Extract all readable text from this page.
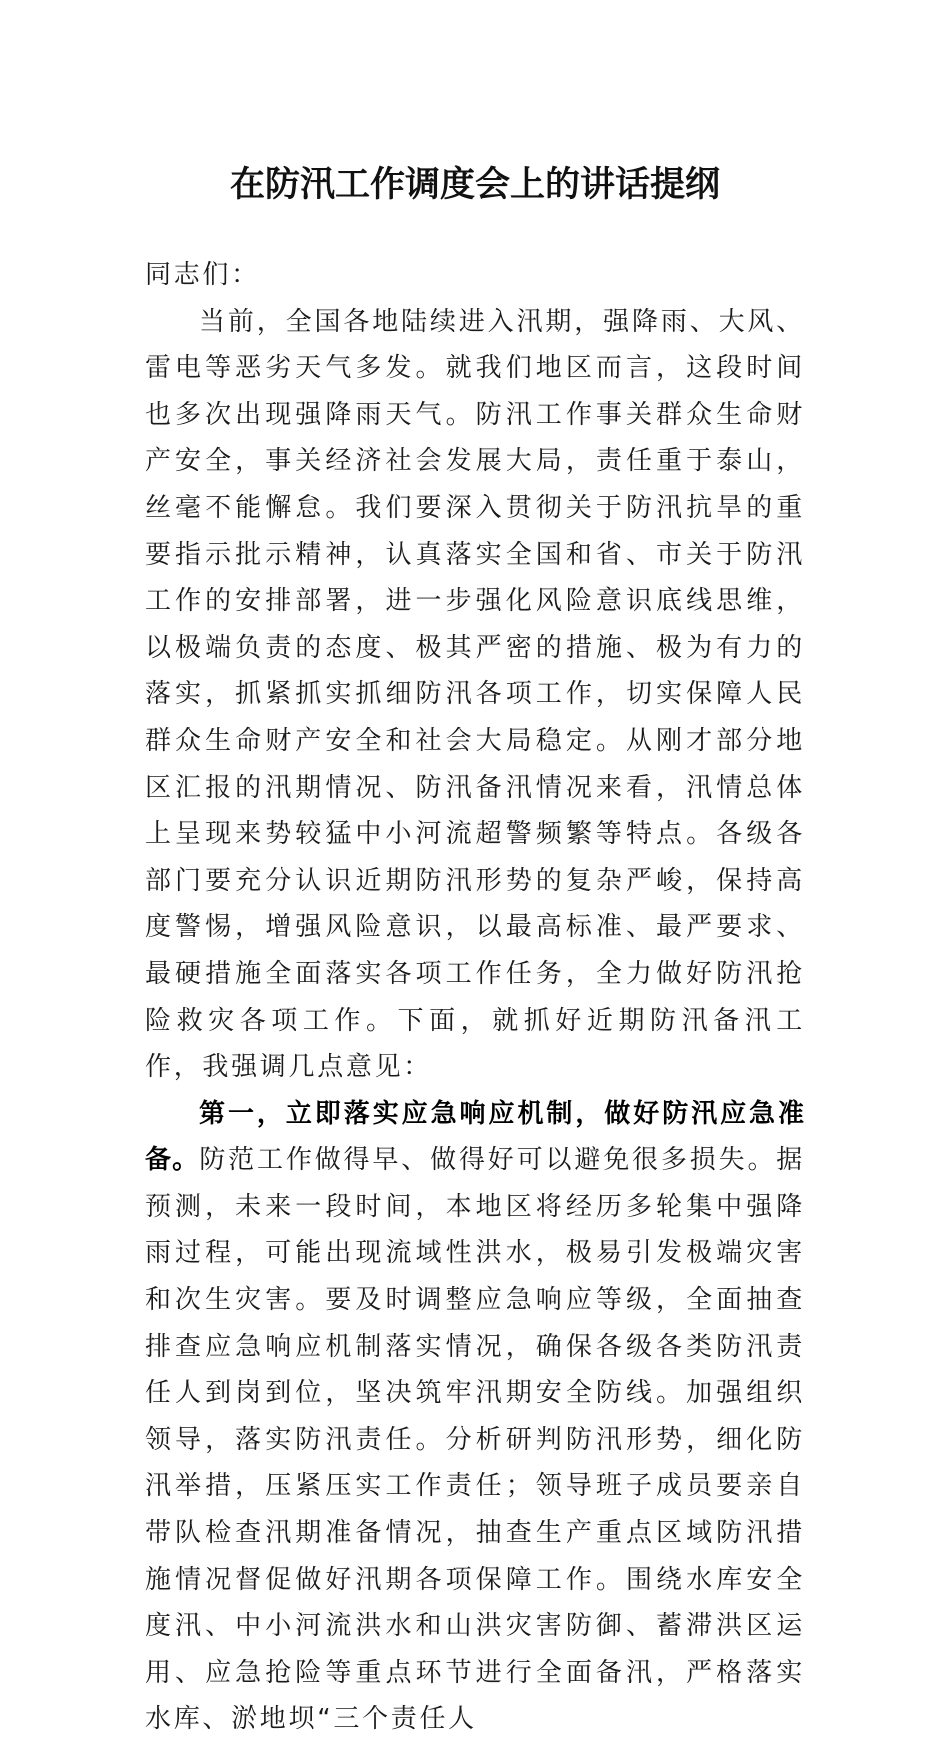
在防汛工作调度会上的讲话提纲

同志们：

当前，全国各地陆续进入汛期，强降雨、大风、雷电等恶劣天气多发。就我们地区而言，这段时间也多次出现强降雨天气。防汛工作事关群众生命财产安全，事关经济社会发展大局，责任重于泰山，丝毫不能懈怠。我们要深入贯彻关于防汛抗旱的重要指示批示精神，认真落实全国和省、市关于防汛工作的安排部署，进一步强化风险意识底线思维，以极端负责的态度、极其严密的措施、极为有力的落实，抓紧抓实抓细防汛各项工作，切实保障人民群众生命财产安全和社会大局稳定。从刚才部分地区汇报的汛期情况、防汛备汛情况来看，汛情总体上呈现来势较猛中小河流超警频繁等特点。各级各部门要充分认识近期防汛形势的复杂严峻，保持高度警惕，增强风险意识，以最高标准、最严要求、最硬措施全面落实各项工作任务，全力做好防汛抢险救灾各项工作。下面，就抓好近期防汛备汛工作，我强调几点意见：

第一，立即落实应急响应机制，做好防汛应急准备。防范工作做得早、做得好可以避免很多损失。据预测，未来一段时间，本地区将经历多轮集中强降雨过程，可能出现流域性洪水，极易引发极端灾害和次生灾害。要及时调整应急响应等级，全面抽查排查应急响应机制落实情况，确保各级各类防汛责任人到岗到位，坚决筑牢汛期安全防线。加强组织领导，落实防汛责任。分析研判防汛形势，细化防汛举措，压紧压实工作责任；领导班子成员要亲自带队检查汛期准备情况，抽查生产重点区域防汛措施情况督促做好汛期各项保障工作。围绕水库安全度汛、中小河流洪水和山洪灾害防御、蓄滞洪区运用、应急抢险等重点环节进行全面备汛，严格落实水库、淤地坝“三个责任人
